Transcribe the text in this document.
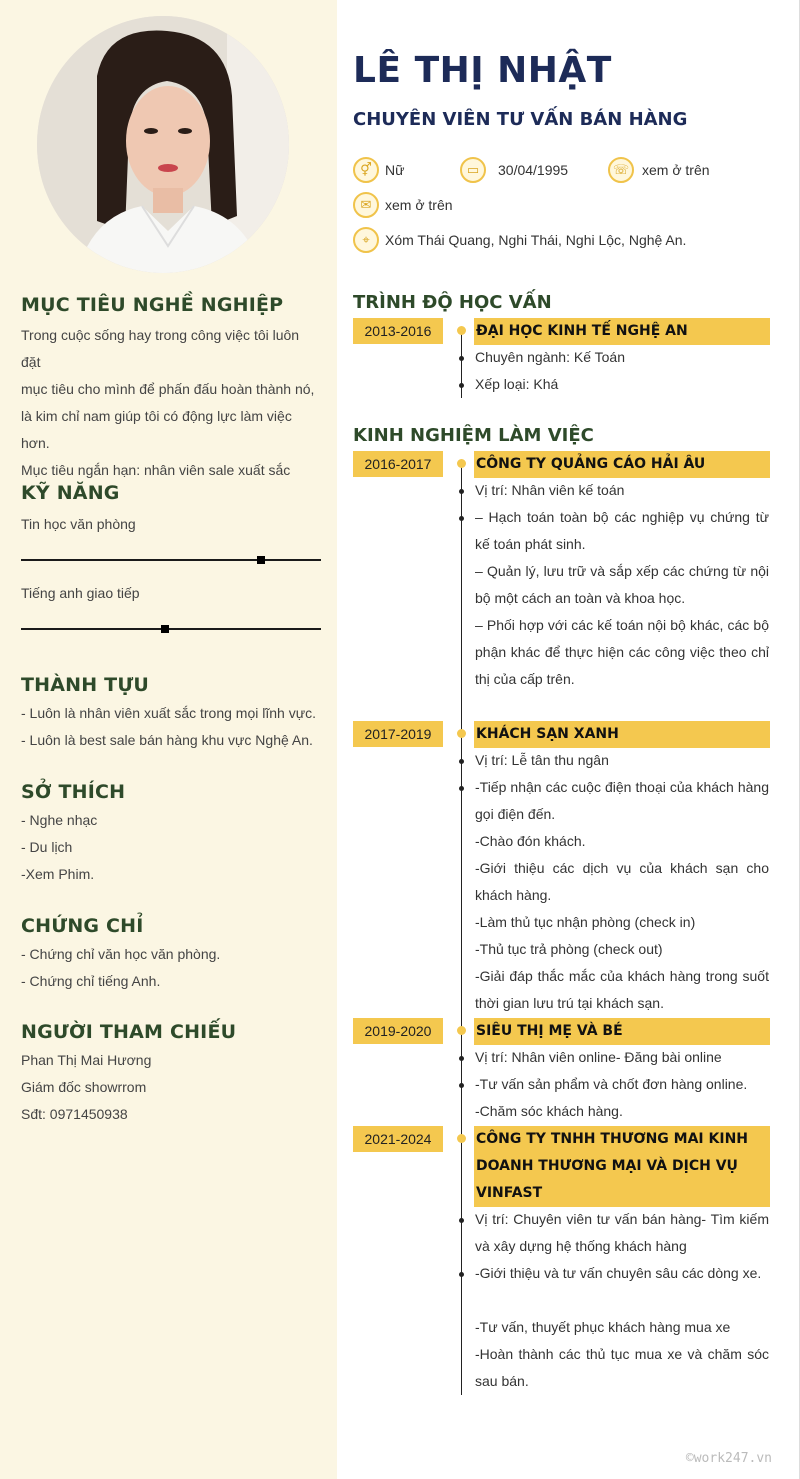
MỤC TIÊU NGHỀ NGHIỆP
Trong cuộc sống hay trong công việc tôi luôn đặt
mục tiêu cho mình để phấn đấu hoàn thành nó,
là kim chỉ nam giúp tôi có động lực làm việc hơn.
Mục tiêu ngắn hạn: nhân viên sale xuất sắc
KỸ NĂNG
Tin học văn phòng
Tiếng anh giao tiếp
THÀNH TỰU
- Luôn là nhân viên xuất sắc trong mọi lĩnh vực.
- Luôn là best sale bán hàng khu vực Nghệ An.
SỞ THÍCH
- Nghe nhạc
- Du lịch
-Xem Phim.
CHỨNG CHỈ
- Chứng chỉ văn học văn phòng.
- Chứng chỉ tiếng Anh.
NGƯỜI THAM CHIẾU
Phan Thị Mai Hương
Giám đốc showrrom
Sđt: 0971450938
LÊ THỊ NHẬT
CHUYÊN VIÊN TƯ VẤN BÁN HÀNG
⚥ Nữ	▭	30/04/1995	☏ xem ở trên
✉ xem ở trên
⌖	Xóm Thái Quang, Nghi Thái, Nghi Lộc, Nghệ An.
TRÌNH ĐỘ HỌC VẤN
2013-2016	ĐẠI HỌC KINH TẾ NGHỆ AN
Chuyên ngành: Kế Toán
Xếp loại: Khá
KINH NGHIỆM LÀM VIỆC
2016-2017	CÔNG TY QUẢNG CÁO HẢI ÂU
Vị trí: Nhân viên kế toán
– Hạch toán toàn bộ các nghiệp vụ chứng từ kế toán phát sinh.
– Quản lý, lưu trữ và sắp xếp các chứng từ nội bộ một cách an toàn và khoa học.
– Phối hợp với các kế toán nội bộ khác, các bộ phận khác để thực hiện các công việc theo chỉ thị của cấp trên.
2017-2019	KHÁCH SẠN XANH
Vị trí: Lễ tân thu ngân
-Tiếp nhận các cuộc điện thoại của khách hàng gọi điện đến.
-Chào đón khách.
-Giới thiệu các dịch vụ của khách sạn cho khách hàng.
-Làm thủ tục nhận phòng (check in)
-Thủ tục trả phòng (check out)
-Giải đáp thắc mắc của khách hàng trong suốt thời gian lưu trú tại khách sạn.
2019-2020	SIÊU THỊ MẸ VÀ BÉ
Vị trí: Nhân viên online- Đăng bài online
-Tư vấn sản phẩm và chốt đơn hàng online.
-Chăm sóc khách hàng.
2021-2024	CÔNG TY TNHH THƯƠNG MAI KINH DOANH THƯƠNG MẠI VÀ DỊCH VỤ VINFAST
Vị trí: Chuyên viên tư vấn bán hàng- Tìm kiếm và xây dựng hệ thống khách hàng
-Giới thiệu và tư vấn chuyên sâu các dòng xe.
-Tư vấn, thuyết phục khách hàng mua xe
-Hoàn thành các thủ tục mua xe và chăm sóc sau bán.
©work247.vn
